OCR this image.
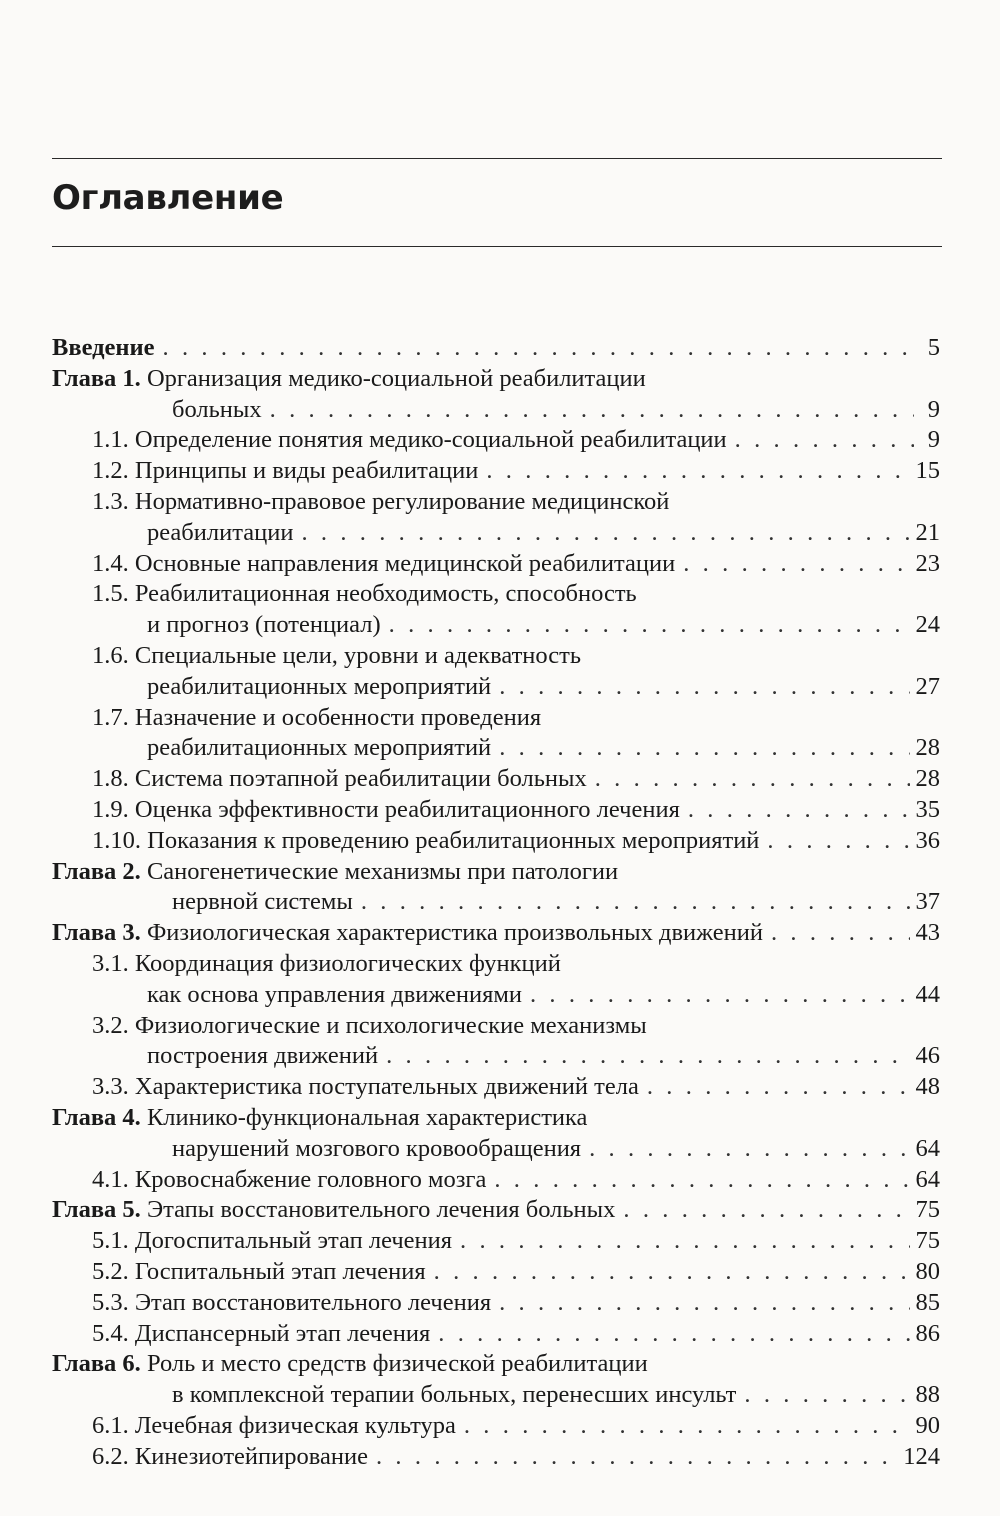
Оглавление
Введение . . .	5
Глава 1. Организация медико-социальной реабилитации
больных . . .	9
1.1. Определение понятия медико-социальной реабилитации . . .	9
1.2. Принципы и виды реабилитации . . .	15
1.3. Нормативно-правовое регулирование медицинской
реабилитации . . .	21
1.4. Основные направления медицинской реабилитации . . .	23
1.5. Реабилитационная необходимость, способность
и прогноз (потенциал) . . .	24
1.6. Специальные цели, уровни и адекватность
реабилитационных мероприятий . . .	27
1.7. Назначение и особенности проведения
реабилитационных мероприятий . . .	28
1.8. Система поэтапной реабилитации больных . . .	28
1.9. Оценка эффективности реабилитационного лечения . . .	35
1.10. Показания к проведению реабилитационных мероприятий . . .	36
Глава 2. Саногенетические механизмы при патологии
нервной системы . . .	37
Глава 3. Физиологическая характеристика произвольных движений . . .	43
3.1. Координация физиологических функций
как основа управления движениями . . .	44
3.2. Физиологические и психологические механизмы
построения движений . . .	46
3.3. Характеристика поступательных движений тела . . .	48
Глава 4. Клинико-функциональная характеристика
нарушений мозгового кровообращения . . .	64
4.1. Кровоснабжение головного мозга . . .	64
Глава 5. Этапы восстановительного лечения больных . . .	75
5.1. Догоспитальный этап лечения . . .	75
5.2. Госпитальный этап лечения . . .	80
5.3. Этап восстановительного лечения . . .	85
5.4. Диспансерный этап лечения . . .	86
Глава 6. Роль и место средств физической реабилитации
в комплексной терапии больных, перенесших инсульт . . .	88
6.1. Лечебная физическая культура . . .	90
6.2. Кинезиотейпирование . . .	124
